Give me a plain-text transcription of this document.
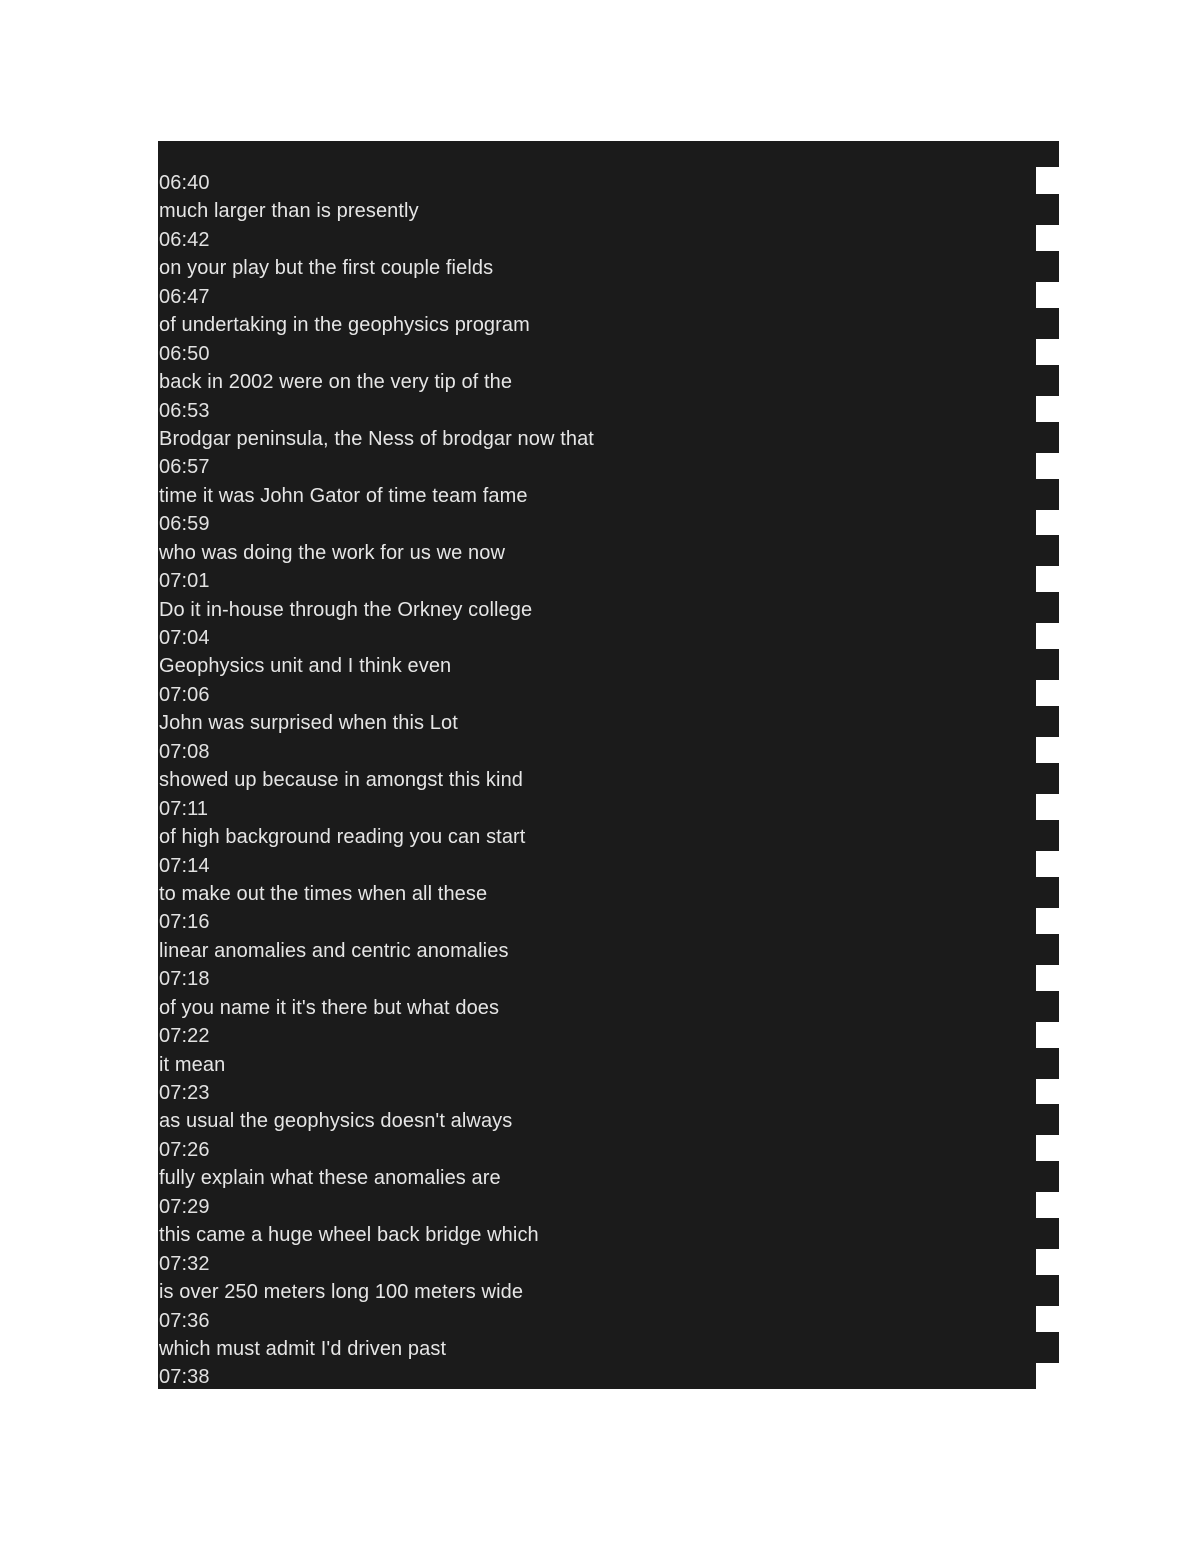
06:40
much larger than is presently
06:42
on your play but the first couple fields
06:47
of undertaking in the geophysics program
06:50
back in 2002 were on the very tip of the
06:53
Brodgar peninsula, the Ness of brodgar now that
06:57
time it was John Gator of time team fame
06:59
who was doing the work for us we now
07:01
Do it in-house through the Orkney college
07:04
Geophysics unit and I think even
07:06
John was surprised when this Lot
07:08
showed up because in amongst this kind
07:11
of high background reading you can start
07:14
to make out the times when all these
07:16
linear anomalies and centric anomalies
07:18
of you name it it's there but what does
07:22
it mean
07:23
as usual the geophysics doesn't always
07:26
fully explain what these anomalies are
07:29
this came a huge wheel back bridge which
07:32
is over 250 meters long 100 meters wide
07:36
which must admit I'd driven past
07:38
